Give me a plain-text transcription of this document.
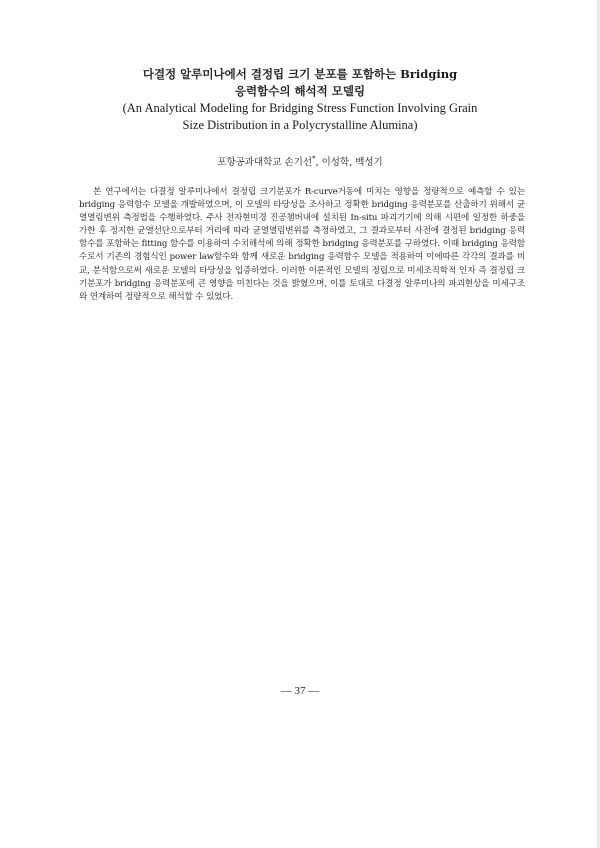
다결정 알루미나에서 결정립 크기 분포를 포함하는 Bridging

응력함수의 해석적 모델링

(An Analytical Modeling for Bridging Stress Function Involving Grain

Size Distribution in a Polycrystalline Alumina)

포항공과대학교 손기선*, 이성학, 백성기

본 연구에서는 다결정 알루미나에서 결정립 크기분포가 R-curve거동에 미치는 영향을 정량적으로 예측할 수 있는 bridging 응력함수 모델을 개발하였으며, 이 모델의 타당성을 조사하고 정확한 bridging 응력분포를 산출하기 위해서 균열열림변위 측정법을 수행하였다. 주사 전자현미경 진공챔버내에 설치된 In-situ 파괴기기에 의해 시편에 일정한 하중을 가한 후 정지한 균열선단으로부터 거리에 따라 균열열림변위를 측정하였고, 그 결과로부터 사전에 결정된 bridging 응력함수를 포함하는 fitting 함수를 이용하여 수치해석에 의해 정확한 bridging 응력분포를 구하였다. 이때 bridging 응력함수로서 기존의 경험식인 power law함수와 함께 새로운 bridging 응력함수 모델을 적용하여 이에따른 각각의 결과를 비교, 분석함으로써 새로운 모델의 타당성을 입증하였다. 이러한 이론적인 모델의 정립으로 미세조직학적 인자 즉 결정립 크기분포가 bridging 응력분포에 큰 영향을 미친다는 것을 밝혔으며, 이를 토대로 다결정 알루미나의 파괴현상을 미세구조와 연계하여 정량적으로 해석할 수 있었다.

— 37 —
